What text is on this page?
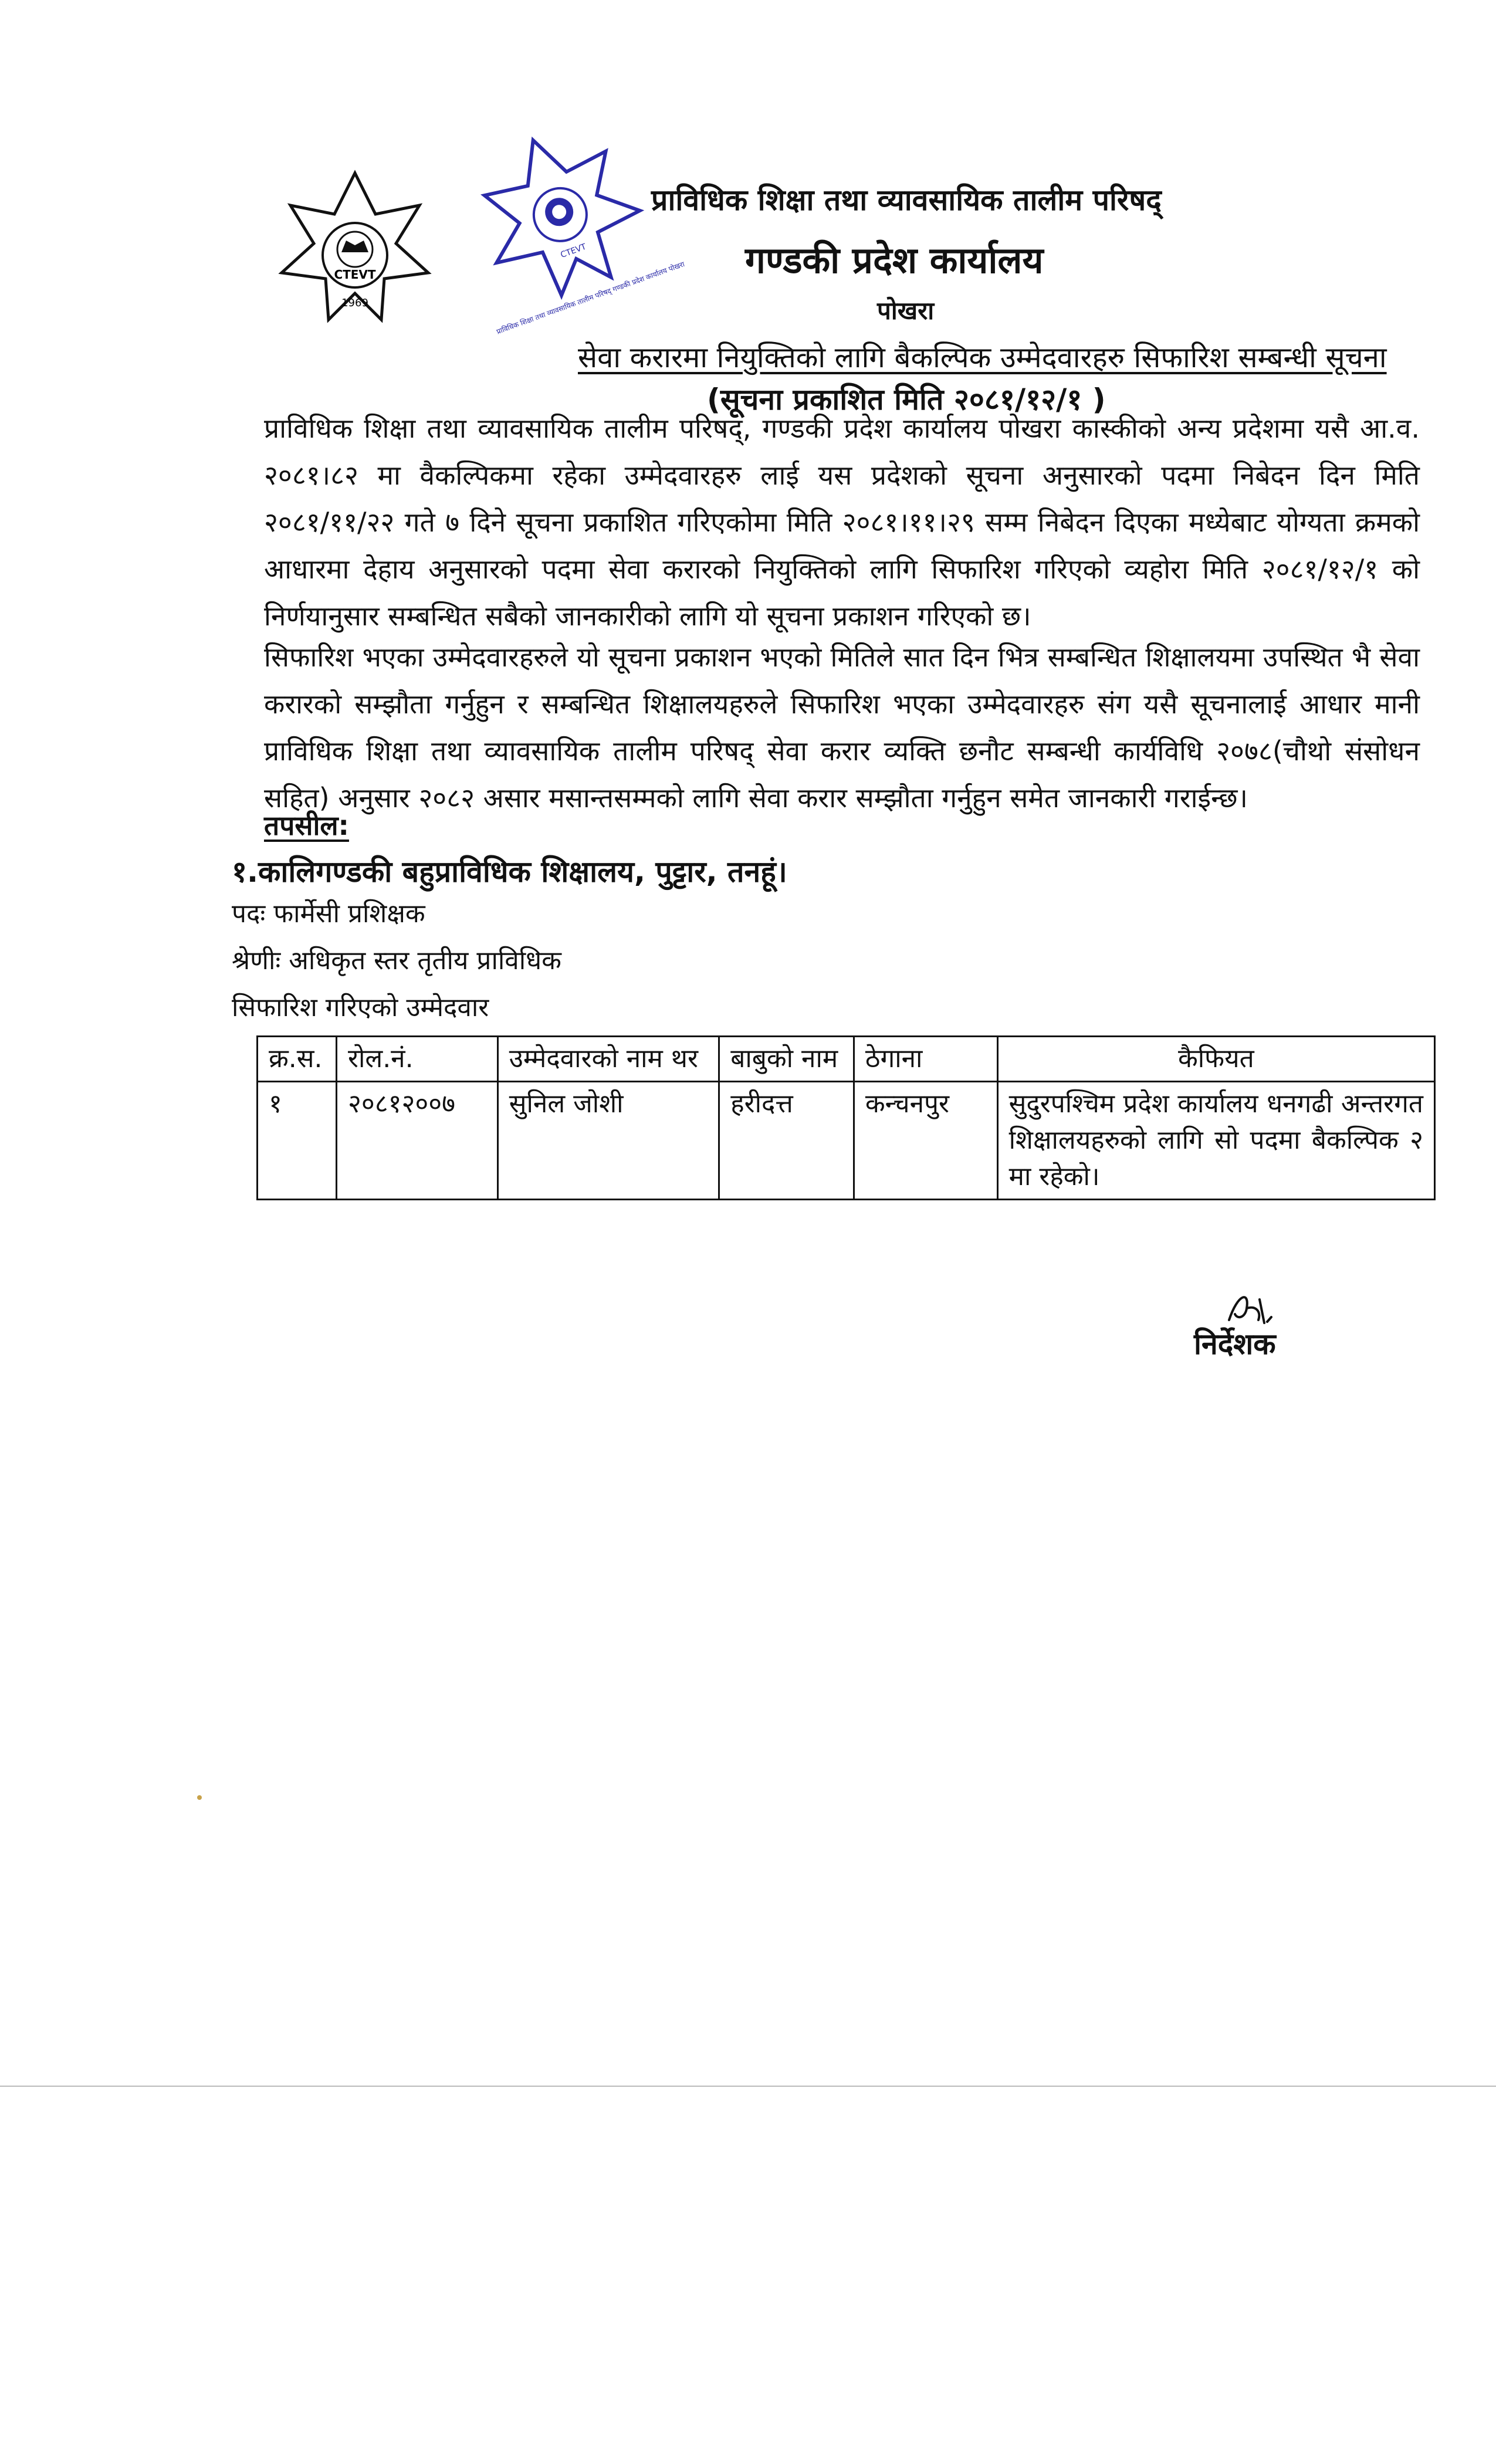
CTEVT
1969
CTEVT
प्राविधिक शिक्षा तथा व्यावसायिक तालीम परिषद् गण्डकी प्रदेश कार्यालय पोखरा
प्राविधिक शिक्षा तथा व्यावसायिक तालीम परिषद्
गण्डकी प्रदेश कार्यालय
पोखरा
सेवा करारमा नियुक्तिको लागि बैकल्पिक उम्मेदवारहरु सिफारिश सम्बन्धी सूचना
(सूचना प्रकाशित मिति २०८१/१२/१ )
प्राविधिक शिक्षा तथा व्यावसायिक तालीम परिषद्, गण्डकी प्रदेश कार्यालय पोखरा कास्कीको अन्य प्रदेशमा यसै आ.व. २०८१।८२ मा वैकल्पिकमा रहेका उम्मेदवारहरु लाई यस प्रदेशको सूचना अनुसारको पदमा निबेदन दिन मिति २०८१/११/२२ गते ७ दिने सूचना प्रकाशित गरिएकोमा मिति २०८१।११।२९ सम्म निबेदन दिएका मध्येबाट योग्यता क्रमको आधारमा देहाय अनुसारको पदमा सेवा करारको नियुक्तिको लागि सिफारिश गरिएको व्यहोरा मिति २०८१/१२/१ को निर्णयानुसार सम्बन्धित सबैको जानकारीको लागि यो सूचना प्रकाशन गरिएको छ।
सिफारिश भएका उम्मेदवारहरुले यो सूचना प्रकाशन भएको मितिले सात दिन भित्र सम्बन्धित शिक्षालयमा उपस्थित भै सेवा करारको सम्झौता गर्नुहुन र सम्बन्धित शिक्षालयहरुले सिफारिश भएका उम्मेदवारहरु संग यसै सूचनालाई आधार मानी प्राविधिक शिक्षा तथा व्यावसायिक तालीम परिषद् सेवा करार व्यक्ति छनौट सम्बन्धी कार्यविधि २०७८(चौथो संसोधन सहित) अनुसार २०८२ असार मसान्तसम्मको लागि सेवा करार सम्झौता गर्नुहुन समेत जानकारी गराईन्छ।
तपसील:
१.कालिगण्डकी बहुप्राविधिक शिक्षालय, पुट्टार, तनहूं।
पदः फार्मेसी प्रशिक्षक
श्रेणीः अधिकृत स्तर तृतीय प्राविधिक
सिफारिश गरिएको उम्मेदवार
क्र.स.	रोल.नं.	उम्मेदवारको नाम थर	बाबुको नाम	ठेगाना	कैफियत
१	२०८१२००७	सुनिल जोशी	हरीदत्त	कन्चनपुर	सुदुरपश्चिम प्रदेश कार्यालय धनगढी अन्तरगत शिक्षालयहरुको लागि सो पदमा बैकल्पिक २ मा रहेको।
निर्देशक
